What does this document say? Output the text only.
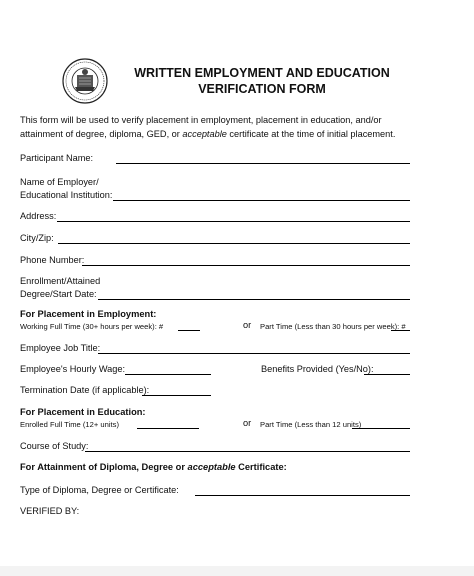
WRITTEN EMPLOYMENT AND EDUCATION
VERIFICATION FORM
This form will be used to verify placement in employment, placement in education, and/or
attainment of degree, diploma, GED, or acceptable certificate at the time of initial placement.
Participant Name:
Name of Employer/
Educational Institution:
Address:
City/Zip:
Phone Number:
Enrollment/Attained
Degree/Start Date:
For Placement in Employment:
Working Full Time (30+ hours per week): #	or Part Time (Less than 30 hours per week): #
Employee Job Title:
Employee's Hourly Wage:	Benefits Provided (Yes/No):
Termination Date (if applicable):
For Placement in Education:
Enrolled Full Time (12+ units)	or Part Time (Less than 12 units)
Course of Study:
For Attainment of Diploma, Degree or acceptable Certificate:
Type of Diploma, Degree or Certificate:
VERIFIED BY:
